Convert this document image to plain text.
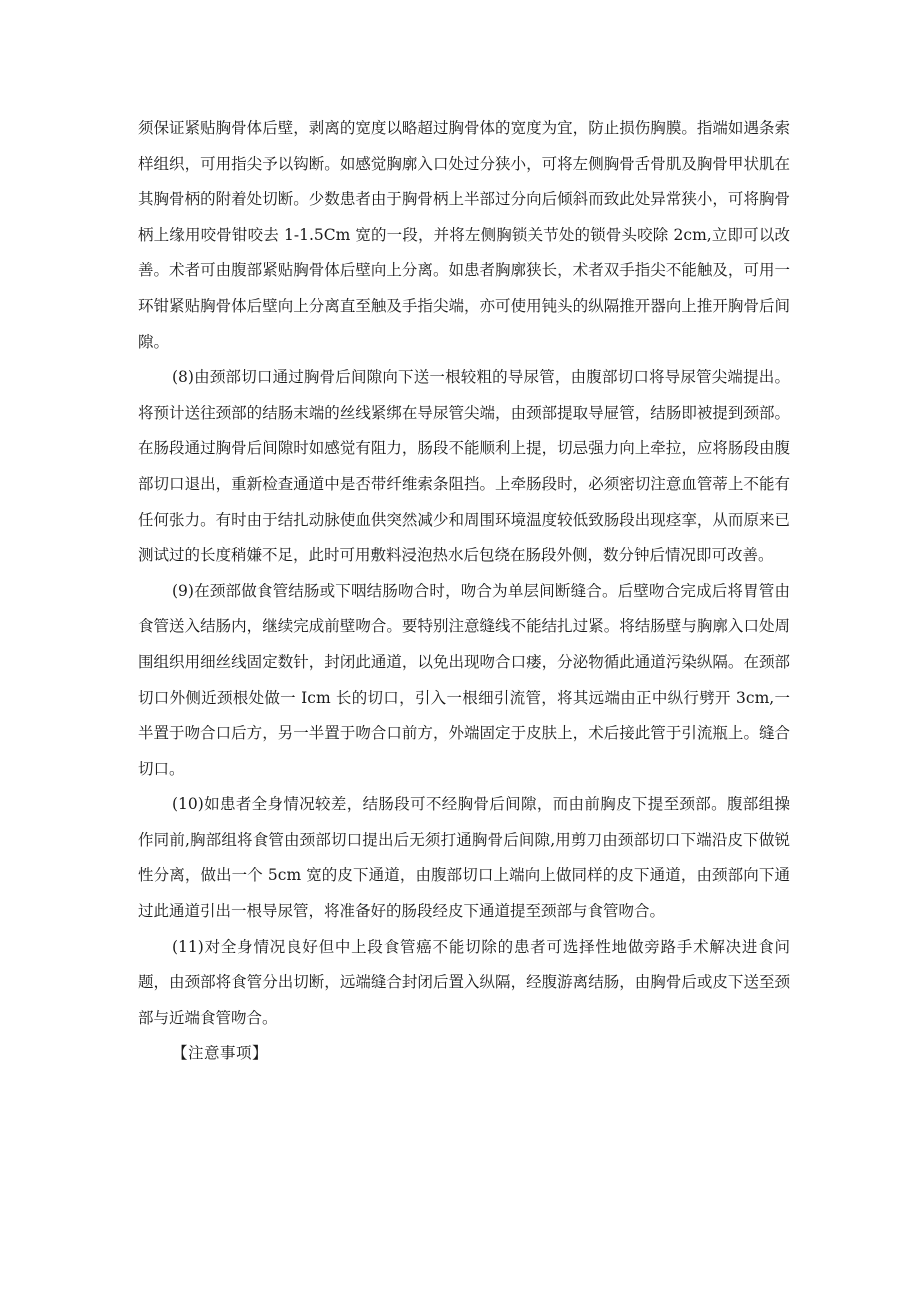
须保证紧贴胸骨体后壁，剥离的宽度以略超过胸骨体的宽度为宜，防止损伤胸膜。指端如遇条索样组织，可用指尖予以钩断。如感觉胸廓入口处过分狭小，可将左侧胸骨舌骨肌及胸骨甲状肌在其胸骨柄的附着处切断。少数患者由于胸骨柄上半部过分向后倾斜而致此处异常狭小，可将胸骨柄上缘用咬骨钳咬去 1-1.5Cm 宽的一段，并将左侧胸锁关节处的锁骨头咬除 2cm,立即可以改善。术者可由腹部紧贴胸骨体后壁向上分离。如患者胸廓狭长，术者双手指尖不能触及，可用一环钳紧贴胸骨体后壁向上分离直至触及手指尖端，亦可使用钝头的纵隔推开器向上推开胸骨后间隙。

(8)由颈部切口通过胸骨后间隙向下送一根较粗的导尿管，由腹部切口将导尿管尖端提出。将预计送往颈部的结肠末端的丝线紧绑在导尿管尖端，由颈部提取导屉管，结肠即被提到颈部。在肠段通过胸骨后间隙时如感觉有阻力，肠段不能顺利上提，切忌强力向上牵拉，应将肠段由腹部切口退出，重新检查通道中是否带纤维索条阻挡。上牵肠段时，必须密切注意血管蒂上不能有任何张力。有时由于结扎动脉使血供突然减少和周围环境温度较低致肠段出现痉挛，从而原来已测试过的长度稍嫌不足，此时可用敷料浸泡热水后包绕在肠段外侧，数分钟后情况即可改善。

(9)在颈部做食管结肠或下咽结肠吻合时，吻合为单层间断缝合。后壁吻合完成后将胃管由食管送入结肠内，继续完成前壁吻合。要特别注意缝线不能结扎过紧。将结肠壁与胸廓入口处周围组织用细丝线固定数针，封闭此通道，以免出现吻合口瘘，分泌物循此通道污染纵隔。在颈部切口外侧近颈根处做一 Icm 长的切口，引入一根细引流管，将其远端由正中纵行劈开 3cm,一半置于吻合口后方，另一半置于吻合口前方，外端固定于皮肤上，术后接此管于引流瓶上。缝合切口。

(10)如患者全身情况较差，结肠段可不经胸骨后间隙，而由前胸皮下提至颈部。腹部组操作同前,胸部组将食管由颈部切口提出后无须打通胸骨后间隙,用剪刀由颈部切口下端沿皮下做锐性分离，做出一个 5cm 宽的皮下通道，由腹部切口上端向上做同样的皮下通道，由颈部向下通过此通道引出一根导尿管，将准备好的肠段经皮下通道提至颈部与食管吻合。

(11)对全身情况良好但中上段食管癌不能切除的患者可选择性地做旁路手术解决进食问题，由颈部将食管分出切断，远端缝合封闭后置入纵隔，经腹游离结肠，由胸骨后或皮下送至颈部与近端食管吻合。

【注意事项】
